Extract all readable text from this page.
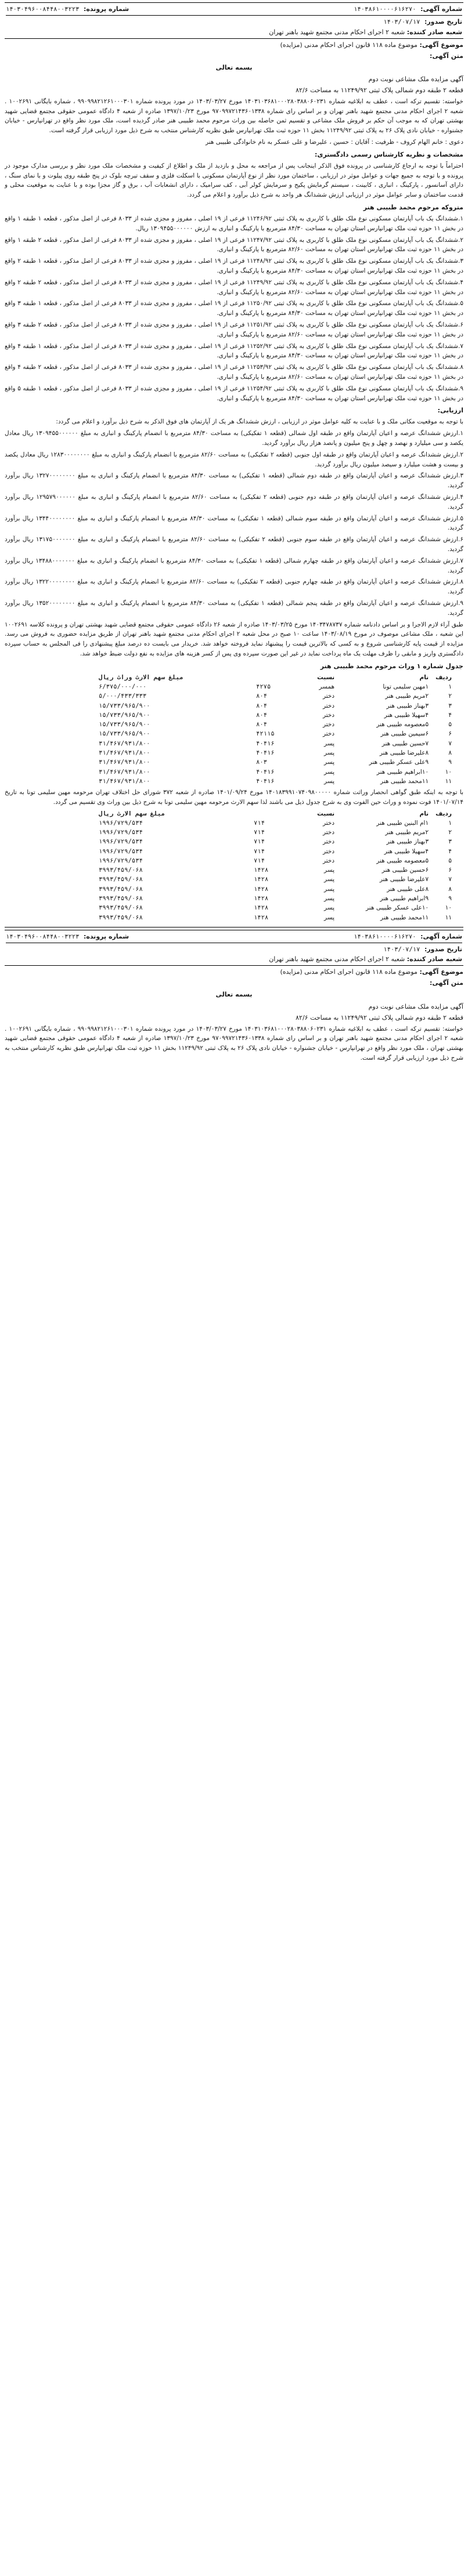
شماره آگهی: ۱۴۰۳۸۶۱۰۰۰۰۶۱۶۲۷۰
شماره پرونده: ۱۴۰۳۰۴۹۶۰۰۸۴۴۸۰۰۳۲۲۳
تاریخ صدور: ۱۴۰۳/۰۷/۱۷
شعبه صادر کننده: شعبه ۲ اجرای احکام مدنی مجتمع شهید باهنر تهران
موضوع آگهی: موضوع ماده ۱۱۸ قانون اجرای احکام مدنی (مزایده)
متن آگهی:
بسمه تعالی
آگهی مزایده ملک مشاعی نوبت دوم
قطعه ۲ طبقه دوم شمالی پلاک ثبتی ۱۱۲۴۹/۹۲ به مساحت ۸۲/۶

خواسته: تقسیم ترکه است ، عطف به ابلاغیه شماره ۱۴۰۳۱۰۳۶۸۱۰۰۰۲۸۰۳۸۸۰۶۰۲۳۱ مورخ ۱۴۰۳/۰۳/۲۷ در مورد پرونده شماره ۹۹۰۹۹۸۲۱۲۶۱۰۰۰۳۰۱ ، شماره بایگانی ۱۰۰۲۶۹۱ . شعبه ۲ اجرای احکام مدنی مجتمع شهید باهنر تهران و بر اساس رای شماره ۹۷۰۹۹۷۲۱۴۳۶۰۱۳۳۸ مورخ ۱۳۹۷/۱۰/۲۳ صادره از شعبه ۴ دادگاه عمومی حقوقی مجتمع قضایی شهید بهشتی تهران که به موجب آن حکم بر فروش ملک مشاعی و تقسیم ثمن حاصله بین وراث مرحوم محمد طبیبی هنر صادر گردیده است، ملک مورد نظر واقع در تهرانپارس - خیابان جشنواره - خیابان نادی پلاک ۲۶ به پلاک ثبتی ۱۱۲۴۹/۹۲ بخش ۱۱ حوزه ثبت ملک تهرانپارس طبق نظریه کارشناس منتخب به شرح ذیل مورد ارزیابی قرار گرفته است.

دعوی : خانم الهام کروف - ظرفیت : آقایان : حسین ، علیرضا و علی عسکر به نام خانوادگی طبیبی هنر

مشخصات و نظریه کارشناس رسمی دادگستری:

احتراماً با توجه به ارجاع کارشناسی در پرونده فوق الذکر اینجانب پس از مراجعه به محل و بازدید از ملک و اطلاع از کیفیت و مشخصات ملک مورد نظر و بررسی مدارک موجود در پرونده و با توجه به جمیع جهات و عوامل موثر در ارزیابی ، ساختمان مورد نظر از نوع آپارتمان مسکونی با اسکلت فلزی و سقف تیرچه بلوک در پنج طبقه روی پیلوت و با نمای سنگ ، دارای آسانسور ، پارکینگ ، انباری ، کابینت ، سیستم گرمایش پکیج و سرمایش کولر آبی ، کف سرامیک ، دارای انشعابات آب ، برق و گاز مجزا بوده و با عنایت به موقعیت محلی و قدمت ساختمان و سایر عوامل موثر در ارزیابی ارزش ششدانگ هر واحد به شرح ذیل برآورد و اعلام می گردد.

متروکه مرحوم محمد طبیبی هنر

۱.ششدانگ یک باب آپارتمان مسکونی نوع ملک طلق با کاربری به پلاک ثبتی ۱۱۲۴۶/۹۲ فرعی از ۱۹ اصلی ، مفروز و مجزی شده از ۸۰۳۳ فرعی از اصل مذکور ، قطعه ۱ طبقه ۱ واقع در بخش ۱۱ حوزه ثبت ملک تهرانپارس استان تهران به مساحت ۸۴/۳۰ مترمربع با پارکینگ و انباری به ارزش ۱۳۰۹۴۵۵۰۰۰۰۰۰ ریال.

۲.ششدانگ یک باب آپارتمان مسکونی نوع ملک طلق با کاربری به پلاک ثبتی ۱۱۲۴۷/۹۲ فرعی از ۱۹ اصلی ، مفروز و مجزی شده از ۸۰۳۳ فرعی از اصل مذکور ، قطعه ۲ طبقه ۱ واقع در بخش ۱۱ حوزه ثبت ملک تهرانپارس استان تهران به مساحت ۸۲/۶۰ مترمربع با پارکینگ و انباری.

۳.ششدانگ یک باب آپارتمان مسکونی نوع ملک طلق با کاربری به پلاک ثبتی ۱۱۲۴۸/۹۲ فرعی از ۱۹ اصلی ، مفروز و مجزی شده از ۸۰۳۳ فرعی از اصل مذکور ، قطعه ۱ طبقه ۲ واقع در بخش ۱۱ حوزه ثبت ملک تهرانپارس استان تهران به مساحت ۸۴/۳۰ مترمربع با پارکینگ و انباری.

۴.ششدانگ یک باب آپارتمان مسکونی نوع ملک طلق با کاربری به پلاک ثبتی ۱۱۲۴۹/۹۲ فرعی از ۱۹ اصلی ، مفروز و مجزی شده از ۸۰۳۳ فرعی از اصل مذکور ، قطعه ۲ طبقه ۲ واقع در بخش ۱۱ حوزه ثبت ملک تهرانپارس استان تهران به مساحت ۸۲/۶۰ مترمربع با پارکینگ و انباری.

۵.ششدانگ یک باب آپارتمان مسکونی نوع ملک طلق با کاربری به پلاک ثبتی ۱۱۲۵۰/۹۲ فرعی از ۱۹ اصلی ، مفروز و مجزی شده از ۸۰۳۳ فرعی از اصل مذکور ، قطعه ۱ طبقه ۳ واقع در بخش ۱۱ حوزه ثبت ملک تهرانپارس استان تهران به مساحت ۸۴/۳۰ مترمربع با پارکینگ و انباری.

۶.ششدانگ یک باب آپارتمان مسکونی نوع ملک طلق با کاربری به پلاک ثبتی ۱۱۲۵۱/۹۲ فرعی از ۱۹ اصلی ، مفروز و مجزی شده از ۸۰۳۳ فرعی از اصل مذکور ، قطعه ۲ طبقه ۳ واقع در بخش ۱۱ حوزه ثبت ملک تهرانپارس استان تهران به مساحت ۸۲/۶۰ مترمربع با پارکینگ و انباری.

۷.ششدانگ یک باب آپارتمان مسکونی نوع ملک طلق با کاربری به پلاک ثبتی ۱۱۲۵۲/۹۲ فرعی از ۱۹ اصلی ، مفروز و مجزی شده از ۸۰۳۳ فرعی از اصل مذکور ، قطعه ۱ طبقه ۴ واقع در بخش ۱۱ حوزه ثبت ملک تهرانپارس استان تهران به مساحت ۸۴/۳۰ مترمربع با پارکینگ و انباری.

۸.ششدانگ یک باب آپارتمان مسکونی نوع ملک طلق با کاربری به پلاک ثبتی ۱۱۲۵۳/۹۲ فرعی از ۱۹ اصلی ، مفروز و مجزی شده از ۸۰۳۳ فرعی از اصل مذکور ، قطعه ۲ طبقه ۴ واقع در بخش ۱۱ حوزه ثبت ملک تهرانپارس استان تهران به مساحت ۸۲/۶۰ مترمربع با پارکینگ و انباری.

۹.ششدانگ یک باب آپارتمان مسکونی نوع ملک طلق با کاربری به پلاک ثبتی ۱۱۲۵۴/۹۲ فرعی از ۱۹ اصلی ، مفروز و مجزی شده از ۸۰۳۳ فرعی از اصل مذکور ، قطعه ۱ طبقه ۵ واقع در بخش ۱۱ حوزه ثبت ملک تهرانپارس استان تهران به مساحت ۸۴/۳۰ مترمربع با پارکینگ و انباری.

ارزیابی:

با توجه به موقعیت مکانی ملک و با عنایت به کلیه عوامل موثر در ارزیابی ، ارزش ششدانگ هر یک از آپارتمان های فوق الذکر به شرح ذیل برآورد و اعلام می گردد:

۱.ارزش ششدانگ عرصه و اعیان آپارتمان واقع در طبقه اول شمالی (قطعه ۱ تفکیکی) به مساحت ۸۴/۳۰ مترمربع با انضمام پارکینگ و انباری به مبلغ ۱۳۰۹۴۵۵۰۰۰۰۰۰ ریال معادل یکصد و سی میلیارد و نهصد و چهل و پنج میلیون و پانصد هزار ریال برآورد گردید.

۲.ارزش ششدانگ عرصه و اعیان آپارتمان واقع در طبقه اول جنوبی (قطعه ۲ تفکیکی) به مساحت ۸۲/۶۰ مترمربع با انضمام پارکینگ و انباری به مبلغ ۱۲۸۳۰۰۰۰۰۰۰۰ ریال معادل یکصد و بیست و هشت میلیارد و سیصد میلیون ریال برآورد گردید.

۳.ارزش ششدانگ عرصه و اعیان آپارتمان واقع در طبقه دوم شمالی (قطعه ۱ تفکیکی) به مساحت ۸۴/۳۰ مترمربع با انضمام پارکینگ و انباری به مبلغ ۱۳۲۷۰۰۰۰۰۰۰۰ ریال برآورد گردید.

۴.ارزش ششدانگ عرصه و اعیان آپارتمان واقع در طبقه دوم جنوبی (قطعه ۲ تفکیکی) به مساحت ۸۲/۶۰ مترمربع با انضمام پارکینگ و انباری به مبلغ ۱۲۹۵۷۹۰۰۰۰۰۰ ریال برآورد گردید.

۵.ارزش ششدانگ عرصه و اعیان آپارتمان واقع در طبقه سوم شمالی (قطعه ۱ تفکیکی) به مساحت ۸۴/۳۰ مترمربع با انضمام پارکینگ و انباری به مبلغ ۱۳۴۴۰۰۰۰۰۰۰۰ ریال برآورد گردید.

۶.ارزش ششدانگ عرصه و اعیان آپارتمان واقع در طبقه سوم جنوبی (قطعه ۲ تفکیکی) به مساحت ۸۲/۶۰ مترمربع با انضمام پارکینگ و انباری به مبلغ ۱۳۱۷۵۰۰۰۰۰۰۰ ریال برآورد گردید.

۷.ارزش ششدانگ عرصه و اعیان آپارتمان واقع در طبقه چهارم شمالی (قطعه ۱ تفکیکی) به مساحت ۸۴/۳۰ مترمربع با انضمام پارکینگ و انباری به مبلغ ۱۳۴۸۸۰۰۰۰۰۰۰ ریال برآورد گردید.

۸.ارزش ششدانگ عرصه و اعیان آپارتمان واقع در طبقه چهارم جنوبی (قطعه ۲ تفکیکی) به مساحت ۸۲/۶۰ مترمربع با انضمام پارکینگ و انباری به مبلغ ۱۳۲۲۰۰۰۰۰۰۰۰ ریال برآورد گردید.

۹.ارزش ششدانگ عرصه و اعیان آپارتمان واقع در طبقه پنجم شمالی (قطعه ۱ تفکیکی) به مساحت ۸۴/۳۰ مترمربع با انضمام پارکینگ و انباری به مبلغ ۱۳۵۲۰۰۰۰۰۰۰۰ ریال برآورد گردید.

طبق آراء لازم الاجرا و بر اساس دادنامه شماره ۱۴۰۳۴۷۸۷۳۷ مورخ ۱۴۰۳/۰۳/۲۵ صادره از شعبه ۲۶ دادگاه عمومی حقوقی مجتمع قضایی شهید بهشتی تهران و پرونده کلاسه ۱۰۰۲۶۹۱ این شعبه ، ملک مشاعی موصوف در مورخ ۱۴۰۳/۰۸/۱۹ ساعت ۱۰ صبح در محل شعبه ۲ اجرای احکام مدنی مجتمع شهید باهنر تهران از طریق مزایده حضوری به فروش می رسد. مزایده از قیمت پایه کارشناسی شروع و به کسی که بالاترین قیمت را پیشنهاد نماید فروخته خواهد شد. خریدار می بایست ده درصد مبلغ پیشنهادی را فی المجلس به حساب سپرده دادگستری واریز و مابقی را ظرف مهلت یک ماه پرداخت نماید در غیر این صورت سپرده وی پس از کسر هزینه های مزایده به نفع دولت ضبط خواهد شد.

جدول شماره ۱ وراث مرحوم محمد طبیبی هنر
ردیف	نام	نسبت		مبلغ سهم الارث وراث ریال
۱	۱مهین سلیمی تونا	همسر	۴۲۷۵	۶/۳۷۵/۰۰۰/۰۰۰
۲	۲مریم طبیبی هنر	دختر	۸۰۴	۵/۰۰۰/۴۳۳/۳۳۳
۳	۳بهناز طبیبی هنر	دختر	۸۰۴	۱۵/۷۳۳/۹۶۵/۹۰۰
۴	۴سهیلا طبیبی هنر	دختر	۸۰۴	۱۵/۷۳۳/۹۶۵/۹۰۰
۵	۵معصومه طبیبی هنر	دختر	۸۰۴	۱۵/۷۳۳/۹۶۵/۹۰۰
۶	۶سیمین طبیبی هنر	دختر	۴۲۱۱۵	۱۵/۷۳۳/۹۶۵/۹۰۰
۷	۷حسین طبیبی هنر	پسر	۴۰۴۱۶	۳۱/۴۶۷/۹۳۱/۸۰۰
۸	۸علیرضا طبیبی هنر	پسر	۴۰۴۱۶	۳۱/۴۶۷/۹۳۱/۸۰۰
۹	۹علی عسکر طبیبی هنر	پسر	۸۰۳	۳۱/۴۶۷/۹۳۱/۸۰۰
۱۰	۱۰ابراهیم طبیبی هنر	پسر	۴۰۴۱۶	۳۱/۴۶۷/۹۳۱/۸۰۰
۱۱	۱۱محمد طبیبی هنر	پسر	۴۰۴۱۶	۳۱/۴۶۷/۹۳۱/۸۰۰

با توجه به اینکه طبق گواهی انحصار وراثت شماره ۱۴۰۱۸۳۹۹۱۰۷۴۰۹۸۰۰۰۰۰ مورخ ۱۴۰۱/۰۹/۲۴ صادره از شعبه ۳۷۲ شورای حل اختلاف تهران مرحومه مهین سلیمی تونا به تاریخ ۱۴۰۱/۰۷/۱۴ فوت نموده و وراث حین الفوت وی به شرح جدول ذیل می باشند لذا سهم الارث مرحومه مهین سلیمی تونا به شرح ذیل بین وراث وی تقسیم می گردد.

ردیف	نام	نسبت		مبلغ سهم الارث ریال
۱	۱ام البنین طبیبی هنر	دختر	۷۱۴	۱۹۹۶/۷۲۹/۵۳۴
۲	۲مریم طبیبی هنر	دختر	۷۱۴	۱۹۹۶/۷۲۹/۵۳۴
۳	۳بهناز طبیبی هنر	دختر	۷۱۴	۱۹۹۶/۷۲۹/۵۳۴
۴	۴سهیلا طبیبی هنر	دختر	۷۱۴	۱۹۹۶/۷۲۹/۵۳۴
۵	۵معصومه طبیبی هنر	دختر	۷۱۴	۱۹۹۶/۷۲۹/۵۳۴
۶	۶حسین طبیبی هنر	پسر	۱۴۲۸	۳۹۹۳/۴۵۹/۰۶۸
۷	۷علیرضا طبیبی هنر	پسر	۱۴۲۸	۳۹۹۳/۴۵۹/۰۶۸
۸	۸علی طبیبی هنر	پسر	۱۴۲۸	۳۹۹۳/۴۵۹/۰۶۸
۹	۹ابراهیم طبیبی هنر	پسر	۱۴۲۸	۳۹۹۳/۴۵۹/۰۶۸
۱۰	۱۰علی عسکر طبیبی هنر	پسر	۱۴۲۸	۳۹۹۳/۴۵۹/۰۶۸
۱۱	۱۱محمد طبیبی هنر	پسر	۱۴۲۸	۳۹۹۳/۴۵۹/۰۶۸
شماره آگهی: ۱۴۰۳۸۶۱۰۰۰۰۶۱۶۲۷۰
شماره پرونده: ۱۴۰۳۰۴۹۶۰۰۸۴۴۸۰۰۳۲۲۳
تاریخ صدور: ۱۴۰۳/۰۷/۱۷
شعبه صادر کننده: شعبه ۲ اجرای احکام مدنی مجتمع شهید باهنر تهران
موضوع آگهی: موضوع ماده ۱۱۸ قانون اجرای احکام مدنی (مزایده)
متن آگهی:
بسمه تعالی
آگهی مزایده ملک مشاعی نوبت دوم
قطعه ۲ طبقه دوم شمالی پلاک ثبتی ۱۱۲۴۹/۹۲ به مساحت ۸۲/۶

خواسته: تقسیم ترکه است ، عطف به ابلاغیه شماره ۱۴۰۳۱۰۳۶۸۱۰۰۰۲۸۰۳۸۸۰۶۰۲۳۱ مورخ ۱۴۰۳/۰۳/۲۷ در مورد پرونده شماره ۹۹۰۹۹۸۲۱۲۶۱۰۰۰۳۰۱ ، شماره بایگانی ۱۰۰۲۶۹۱ . شعبه ۲ اجرای احکام مدنی مجتمع شهید باهنر تهران و بر اساس رای شماره ۹۷۰۹۹۷۲۱۴۳۶۰۱۳۳۸ مورخ ۱۳۹۷/۱۰/۲۳ صادره از شعبه ۴ دادگاه عمومی حقوقی مجتمع قضایی شهید بهشتی تهران ، ملک مورد نظر واقع در تهرانپارس - خیابان جشنواره - خیابان نادی پلاک ۲۶ به پلاک ثبتی ۱۱۲۴۹/۹۲ بخش ۱۱ حوزه ثبت ملک تهرانپارس طبق نظریه کارشناس منتخب به شرح ذیل مورد ارزیابی قرار گرفته است.
